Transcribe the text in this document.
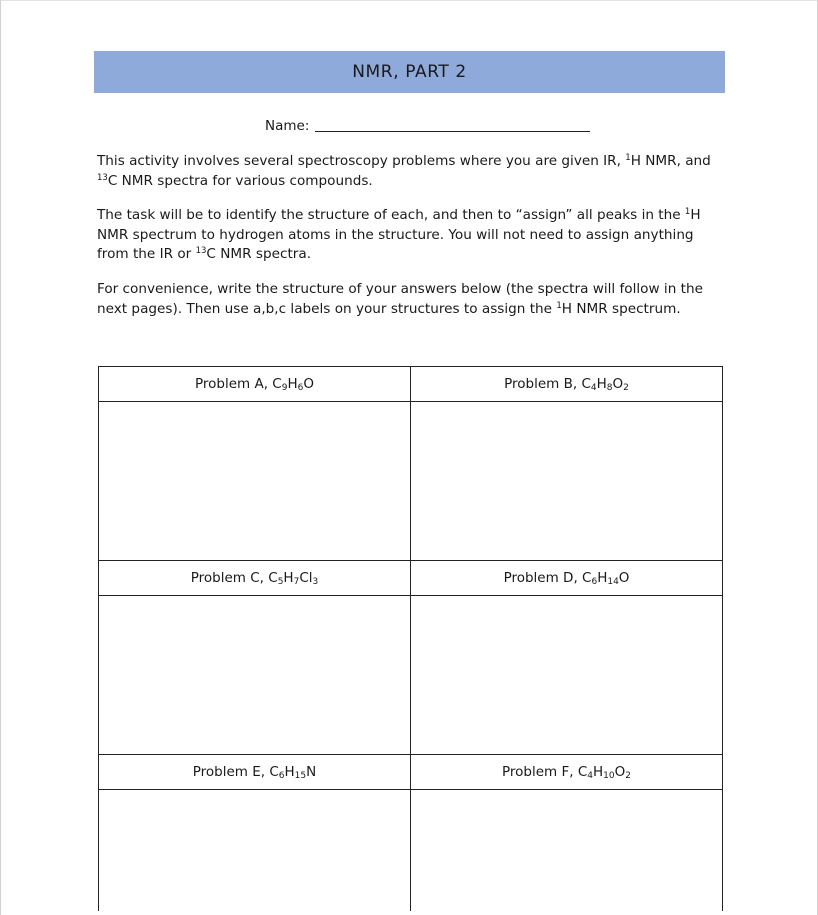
NMR, PART 2
Name:

This activity involves several spectroscopy problems where you are given IR, $^1$H NMR, and
$^{13}$C NMR spectra for various compounds.

The task will be to identify the structure of each, and then to “assign” all peaks in the $^1$H NMR spectrum to hydrogen atoms in the structure. You will not need to assign anything from the IR or $^{13}$C NMR spectra.

For convenience, write the structure of your answers below (the spectra will follow in the next pages). Then use a,b,c labels on your structures to assign the $^1$H NMR spectrum.

Problem A, $C_9H_6O$	Problem B, $C_4H_8O_2$

Problem C, $C_5H_7Cl_3$	Problem D, $C_6H_{14}O$

Problem E, $C_6H_{15}N$	Problem F, $C_4H_{10}O_2$
